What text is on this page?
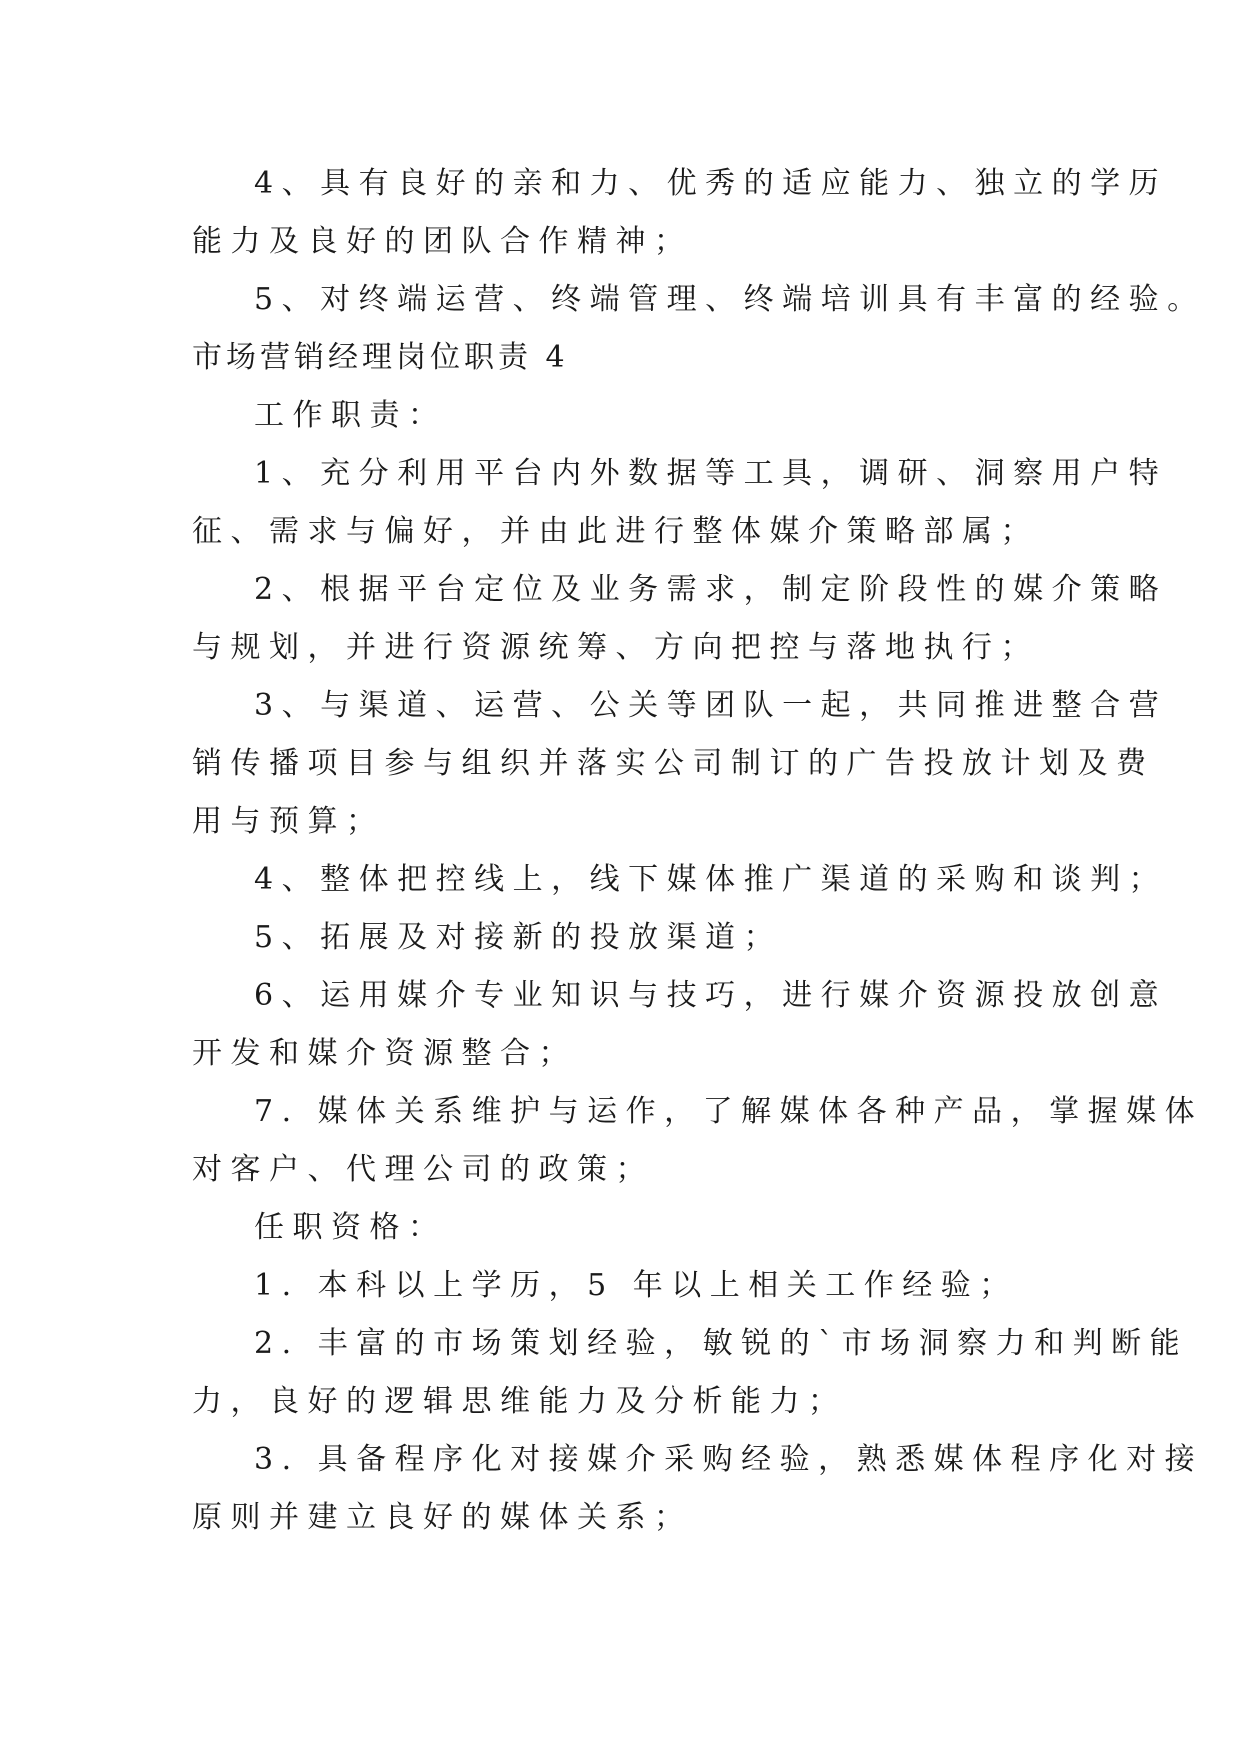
4、具有良好的亲和力、优秀的适应能力、独立的学历
能力及良好的团队合作精神；
5、对终端运营、终端管理、终端培训具有丰富的经验。
市场营销经理岗位职责 4
工作职责：
1、充分利用平台内外数据等工具，调研、洞察用户特
征、需求与偏好，并由此进行整体媒介策略部属；
2、根据平台定位及业务需求，制定阶段性的媒介策略
与规划，并进行资源统筹、方向把控与落地执行；
3、与渠道、运营、公关等团队一起，共同推进整合营
销传播项目参与组织并落实公司制订的广告投放计划及费
用与预算；
4、整体把控线上，线下媒体推广渠道的采购和谈判；
5、拓展及对接新的投放渠道；
6、运用媒介专业知识与技巧，进行媒介资源投放创意
开发和媒介资源整合；
7. 媒体关系维护与运作，了解媒体各种产品，掌握媒体
对客户、代理公司的政策；
任职资格：
1. 本科以上学历，5 年以上相关工作经验；
2. 丰富的市场策划经验，敏锐的`市场洞察力和判断能
力，良好的逻辑思维能力及分析能力；
3. 具备程序化对接媒介采购经验，熟悉媒体程序化对接
原则并建立良好的媒体关系；
